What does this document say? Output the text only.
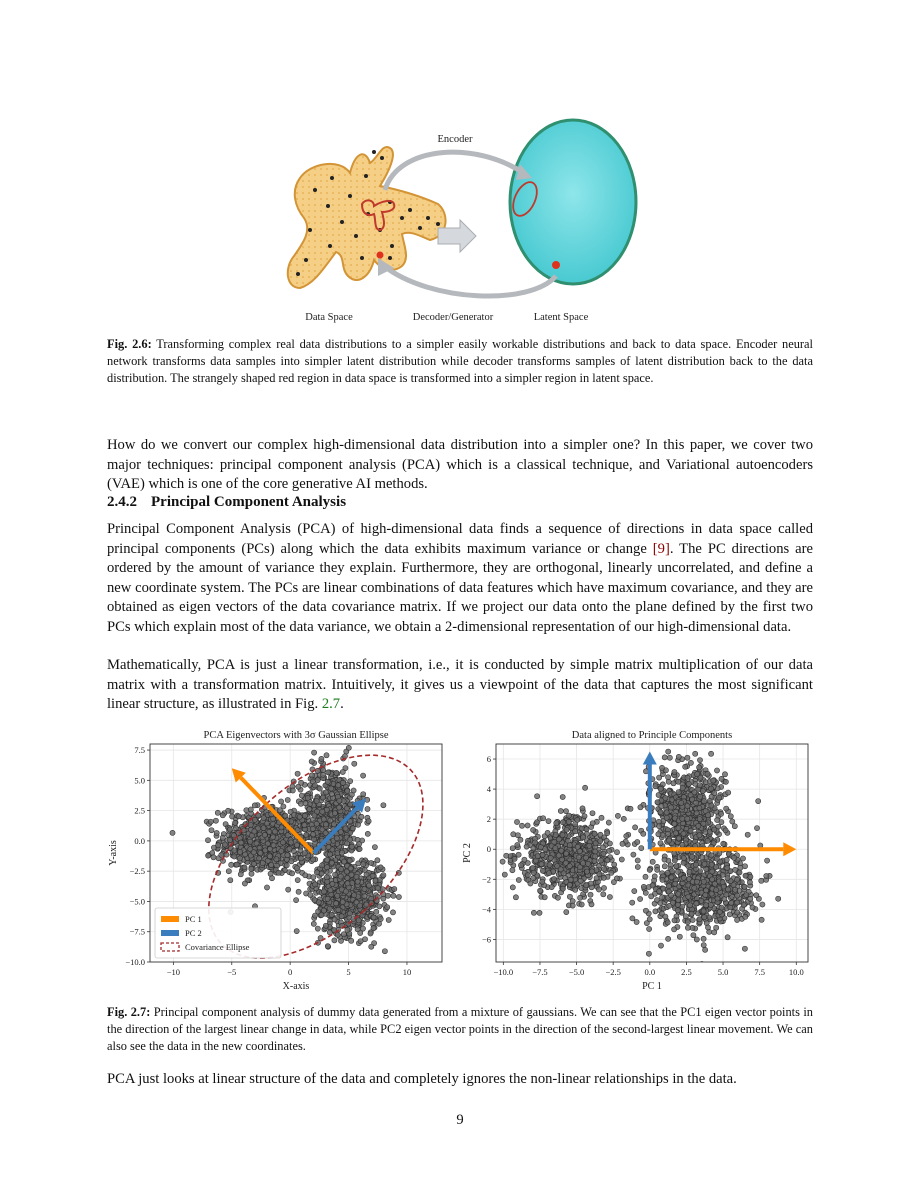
Encoder
Decoder/Generator
Data Space	Latent Space

Fig. 2.6: Transforming complex real data distributions to a simpler easily workable distributions and back to data space. Encoder neural network transforms data samples into simpler latent distribution while decoder transforms samples of latent distribution back to the data distribution. The strangely shaped red region in data space is transformed into a simpler region in latent space.

How do we convert our complex high-dimensional data distribution into a simpler one? In this paper, we cover two major techniques: principal component analysis (PCA) which is a classical technique, and Variational autoencoders (VAE) which is one of the core generative AI methods.

2.4.2 Principal Component Analysis

Principal Component Analysis (PCA) of high-dimensional data finds a sequence of directions in data space called principal components (PCs) along which the data exhibits maximum variance or change [9]. The PC directions are ordered by the amount of variance they explain. Furthermore, they are orthogonal, linearly uncorrelated, and define a new coordinate system. The PCs are linear combinations of data features which have maximum covariance, and they are obtained as eigen vectors of the data covariance matrix. If we project our data onto the plane defined by the first two PCs which explain most of the data variance, we obtain a 2-dimensional representation of our high-dimensional data.

Mathematically, PCA is just a linear transformation, i.e., it is conducted by simple matrix multiplication of our data matrix with a transformation matrix. Intuitively, it gives us a viewpoint of the data that captures the most significant linear structure, as illustrated in Fig. 2.7.

−10	−5	0	5	10
−10.0
−7.5
−5.0
−2.5
0.0
2.5
5.0
7.5
PCA Eigenvectors with 3σ Gaussian Ellipse
X-axis
Y-axis
PC 1
PC 2
Covariance Ellipse
−10.0 −7.5 −5.0 −2.5	0.0	2.5	5.0	7.5	10.0
−6
−4
−2
0
2
4
6
Data aligned to Principle Components
PC 1
PC 2

Fig. 2.7: Principal component analysis of dummy data generated from a mixture of gaussians. We can see that the PC1 eigen vector points in the direction of the largest linear change in data, while PC2 eigen vector points in the direction of the second-largest linear movement. We can also see the data in the new coordinates.

PCA just looks at linear structure of the data and completely ignores the non-linear relationships in the data.

9
